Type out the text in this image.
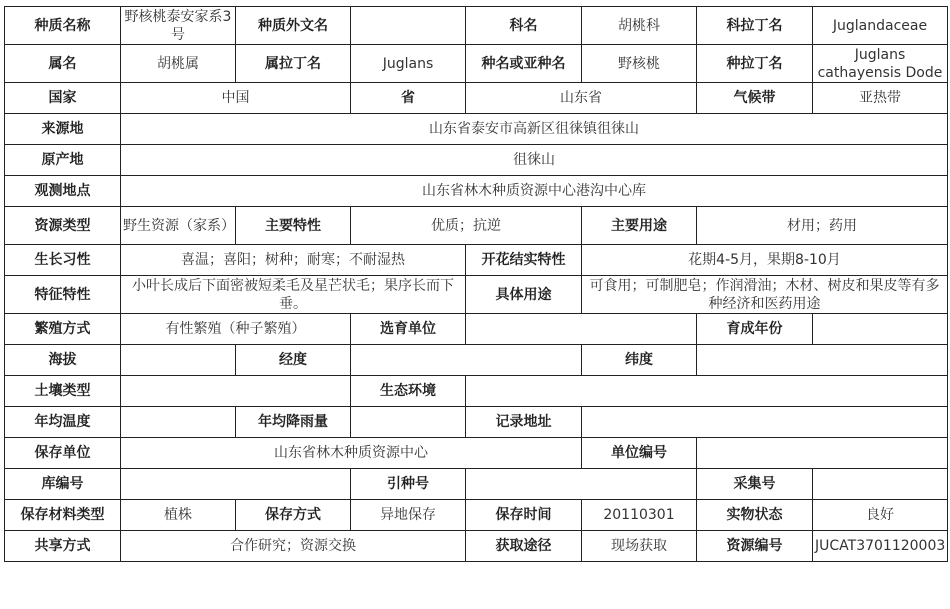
种质名称	野核桃泰安家系3号	种质外文名		科名	胡桃科	科拉丁名	Juglandaceae
属名	胡桃属	属拉丁名	Juglans	种名或亚种名	野核桃	种拉丁名	Juglans cathayensis Dode
国家	中国		省	山东省		气候带	亚热带
来源地	山东省泰安市高新区徂徕镇徂徕山						
原产地	徂徕山						
观测地点	山东省林木种质资源中心港沟中心库						
资源类型	野生资源（家系）	主要特性	优质；抗逆		主要用途	材用；药用	
生长习性	喜温；喜阳；树种；耐寒；不耐湿热			开花结实特性	花期4-5月，果期8-10月		
特征特性	小叶长成后下面密被短柔毛及星芒状毛；果序长而下垂。			具体用途	可食用；可制肥皂；作润滑油；木材、树皮和果皮等有多种经济和医药用途		
繁殖方式	有性繁殖（种子繁殖）		选育单位			育成年份	
海拔		经度			纬度		
土壤类型			生态环境				
年均温度		年均降雨量		记录地址			
保存单位	山东省林木种质资源中心				单位编号		
库编号			引种号			采集号	
保存材料类型	植株	保存方式	异地保存	保存时间	20110301	实物状态	良好
共享方式	合作研究；资源交换			获取途径	现场获取	资源编号	JUCAT3701120003
